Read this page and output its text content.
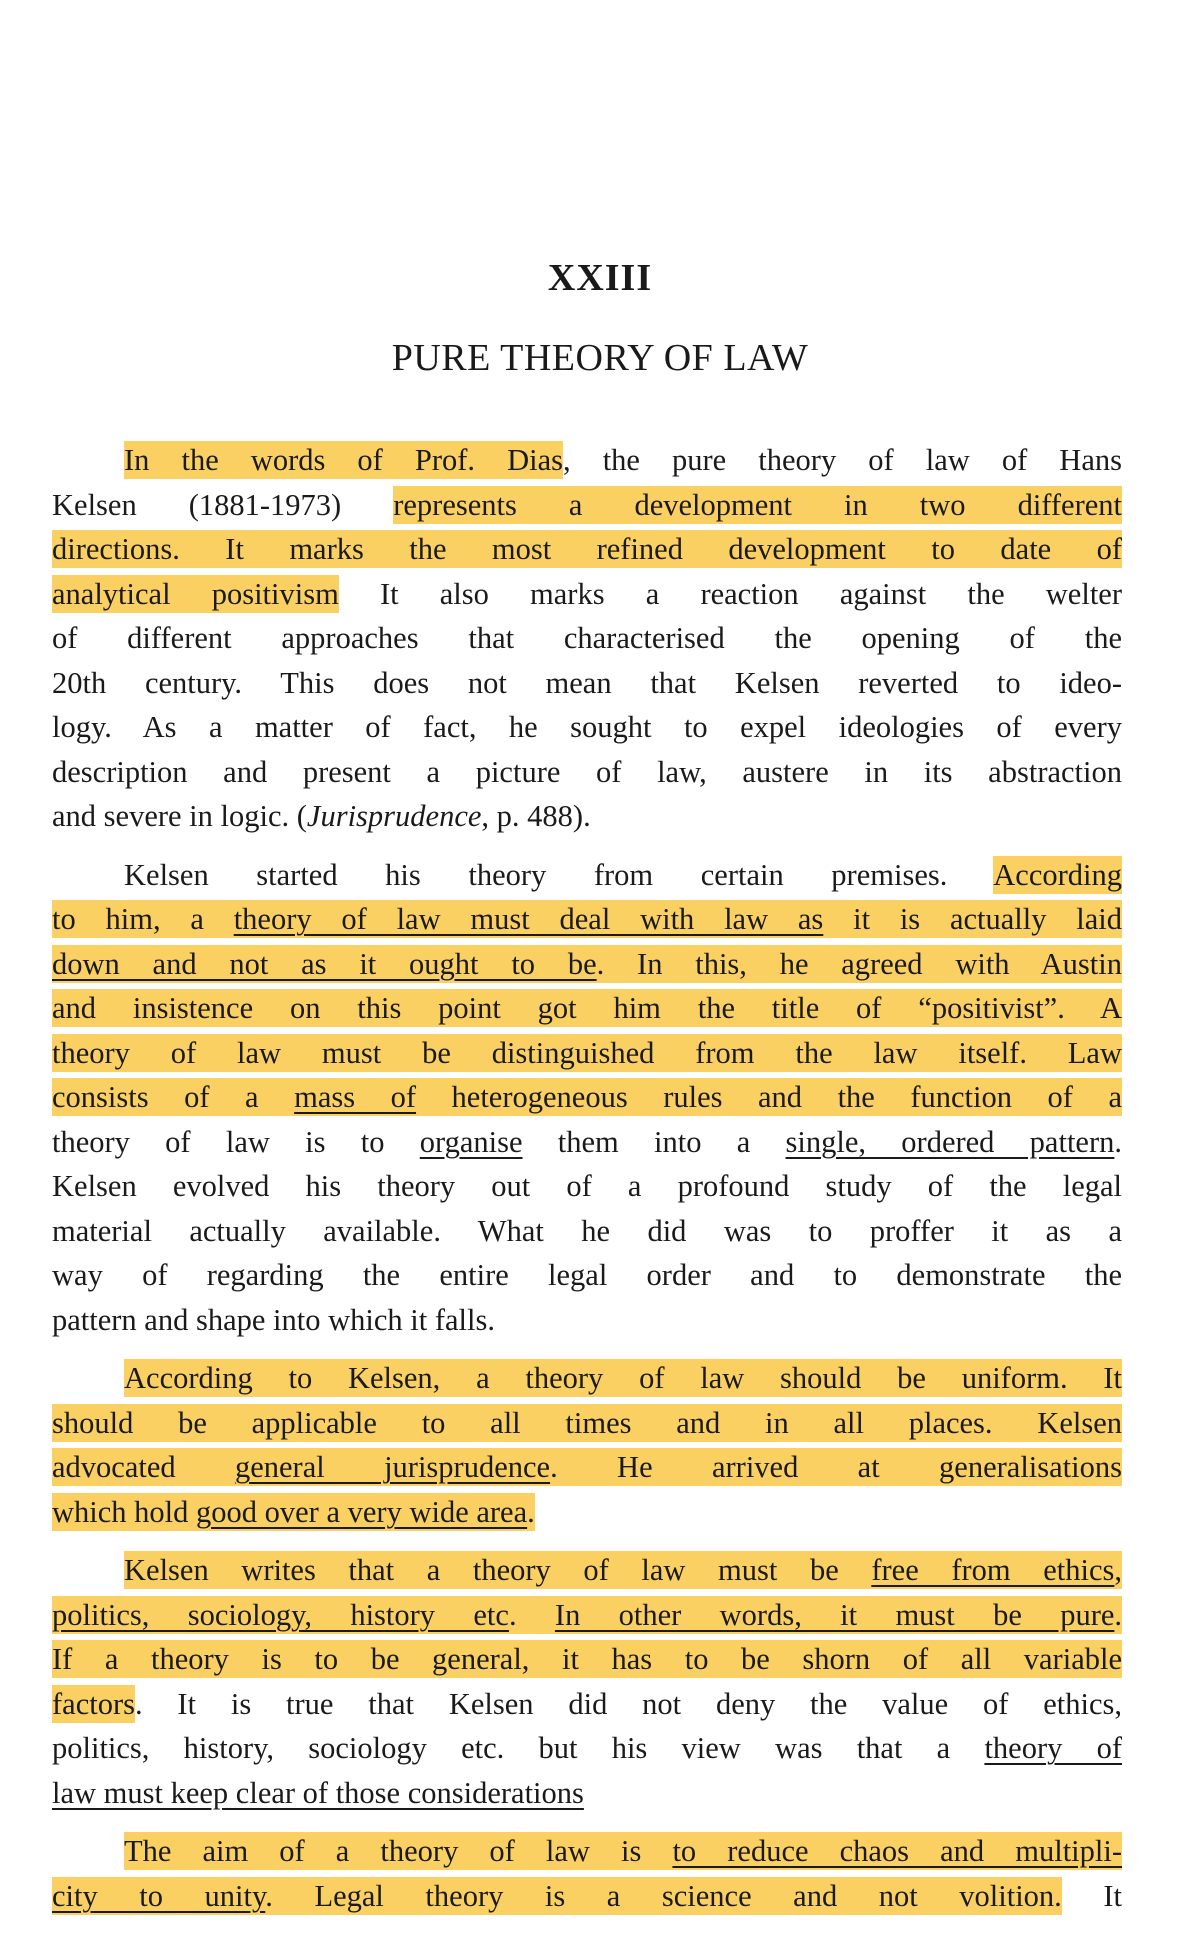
XXIII
PURE THEORY OF LAW
In the words of Prof. Dias, the pure theory of law of Hans
Kelsen (1881-1973) represents a development in two different
directions. It marks the most refined development to date of
analytical positivism It also marks a reaction against the welter
of different approaches that characterised the opening of the
20th century. This does not mean that Kelsen reverted to ideo-
logy. As a matter of fact, he sought to expel ideologies of every
description and present a picture of law, austere in its abstraction
and severe in logic. (Jurisprudence, p. 488).
Kelsen started his theory from certain premises. According
to him, a theory of law must deal with law as it is actually laid
down and not as it ought to be. In this, he agreed with Austin
and insistence on this point got him the title of “positivist”. A
theory of law must be distinguished from the law itself. Law
consists of a mass of heterogeneous rules and the function of a
theory of law is to organise them into a single, ordered pattern.
Kelsen evolved his theory out of a profound study of the legal
material actually available. What he did was to proffer it as a
way of regarding the entire legal order and to demonstrate the
pattern and shape into which it falls.
According to Kelsen, a theory of law should be uniform. It
should be applicable to all times and in all places. Kelsen
advocated general jurisprudence. He arrived at generalisations
which hold good over a very wide area.
Kelsen writes that a theory of law must be free from ethics,
politics, sociology, history etc. In other words, it must be pure.
If a theory is to be general, it has to be shorn of all variable
factors. It is true that Kelsen did not deny the value of ethics,
politics, history, sociology etc. but his view was that a theory of
law must keep clear of those considerations
The aim of a theory of law is to reduce chaos and multipli-
city to unity. Legal theory is a science and not volition. It
